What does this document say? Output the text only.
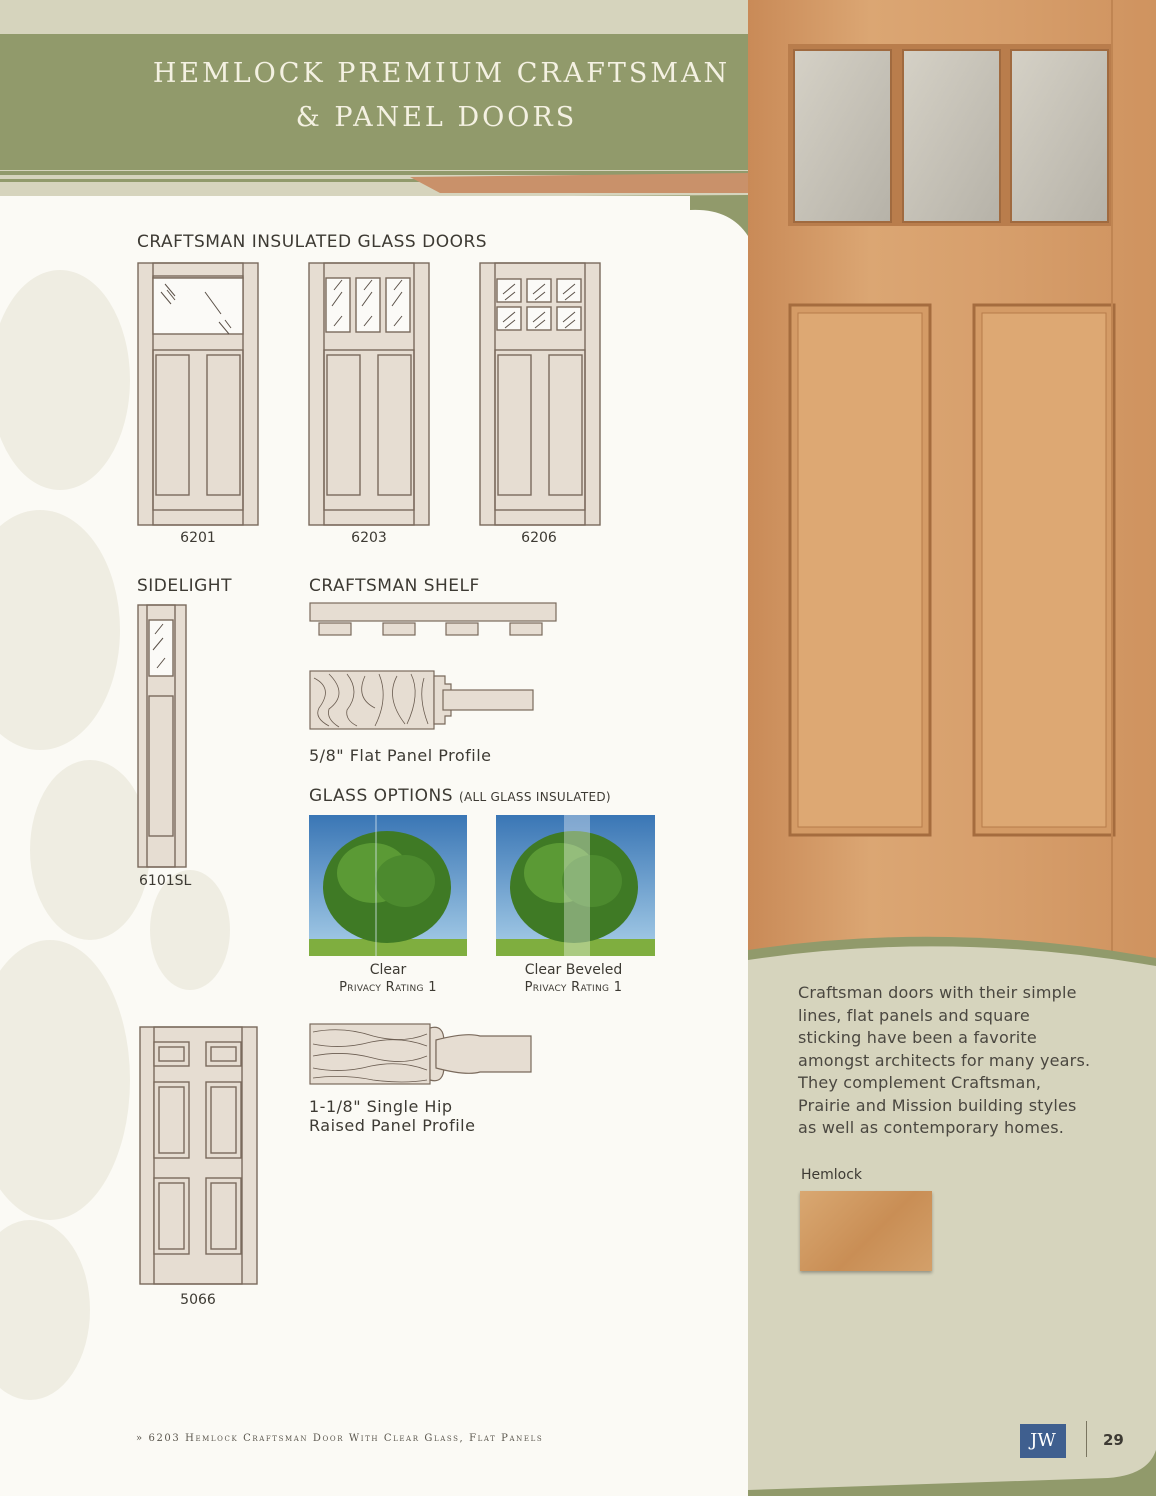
HEMLOCK PREMIUM CRAFTSMAN
& PANEL DOORS
CRAFTSMAN INSULATED GLASS DOORS
6201	6203	6206
SIDELIGHT
6101SL
CRAFTSMAN SHELF
5/8" Flat Panel Profile
GLASS OPTIONS (ALL GLASS INSULATED)
Clear
Privacy Rating 1
Clear Beveled
Privacy Rating 1
5066
1-1/8" Single Hip
Raised Panel Profile
Craftsman doors with their simple lines, flat panels and square sticking have been a favorite amongst architects for many years. They complement Craftsman, Prairie and Mission building styles as well as contemporary homes.
Hemlock
» 6203 Hemlock Craftsman Door With Clear Glass, Flat Panels	JW	29
